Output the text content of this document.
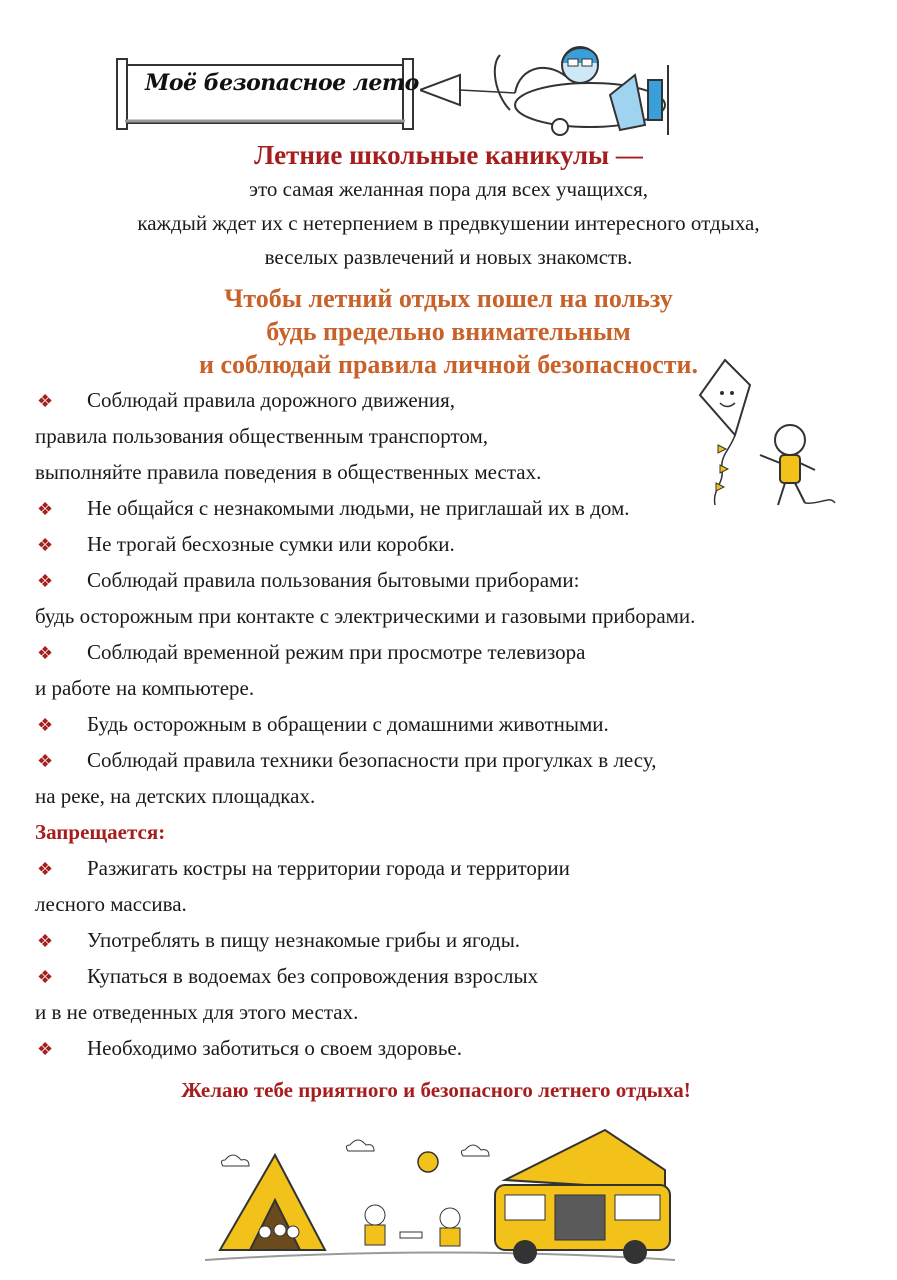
Моё безопасное лето
Летние школьные каникулы —
это самая желанная пора для всех учащихся,
каждый ждет их с нетерпением в предвкушении интересного отдыха,
веселых развлечений и новых знакомств.
Чтобы летний отдых пошел на пользу
будь предельно внимательным
и соблюдай правила личной безопасности.
❖ Соблюдай правила дорожного движения,
правила пользования общественным транспортом,
выполняйте правила поведения в общественных местах.
❖ Не общайся с незнакомыми людьми, не приглашай их в дом.
❖ Не трогай бесхозные сумки или коробки.
❖ Соблюдай правила пользования бытовыми приборами:
будь осторожным при контакте с электрическими и газовыми приборами.
❖ Соблюдай временной режим при просмотре телевизора
и работе на компьютере.
❖ Будь осторожным в обращении с домашними животными.
❖ Соблюдай правила техники безопасности при прогулках в лесу,
на реке, на детских площадках.
Запрещается:
❖ Разжигать костры на территории города и территории
лесного массива.
❖ Употреблять в пищу незнакомые грибы и ягоды.
❖ Купаться в водоемах без сопровождения взрослых
и в не отведенных для этого местах.
❖ Необходимо заботиться о своем здоровье.
Желаю тебе приятного и безопасного летнего отдыха!
